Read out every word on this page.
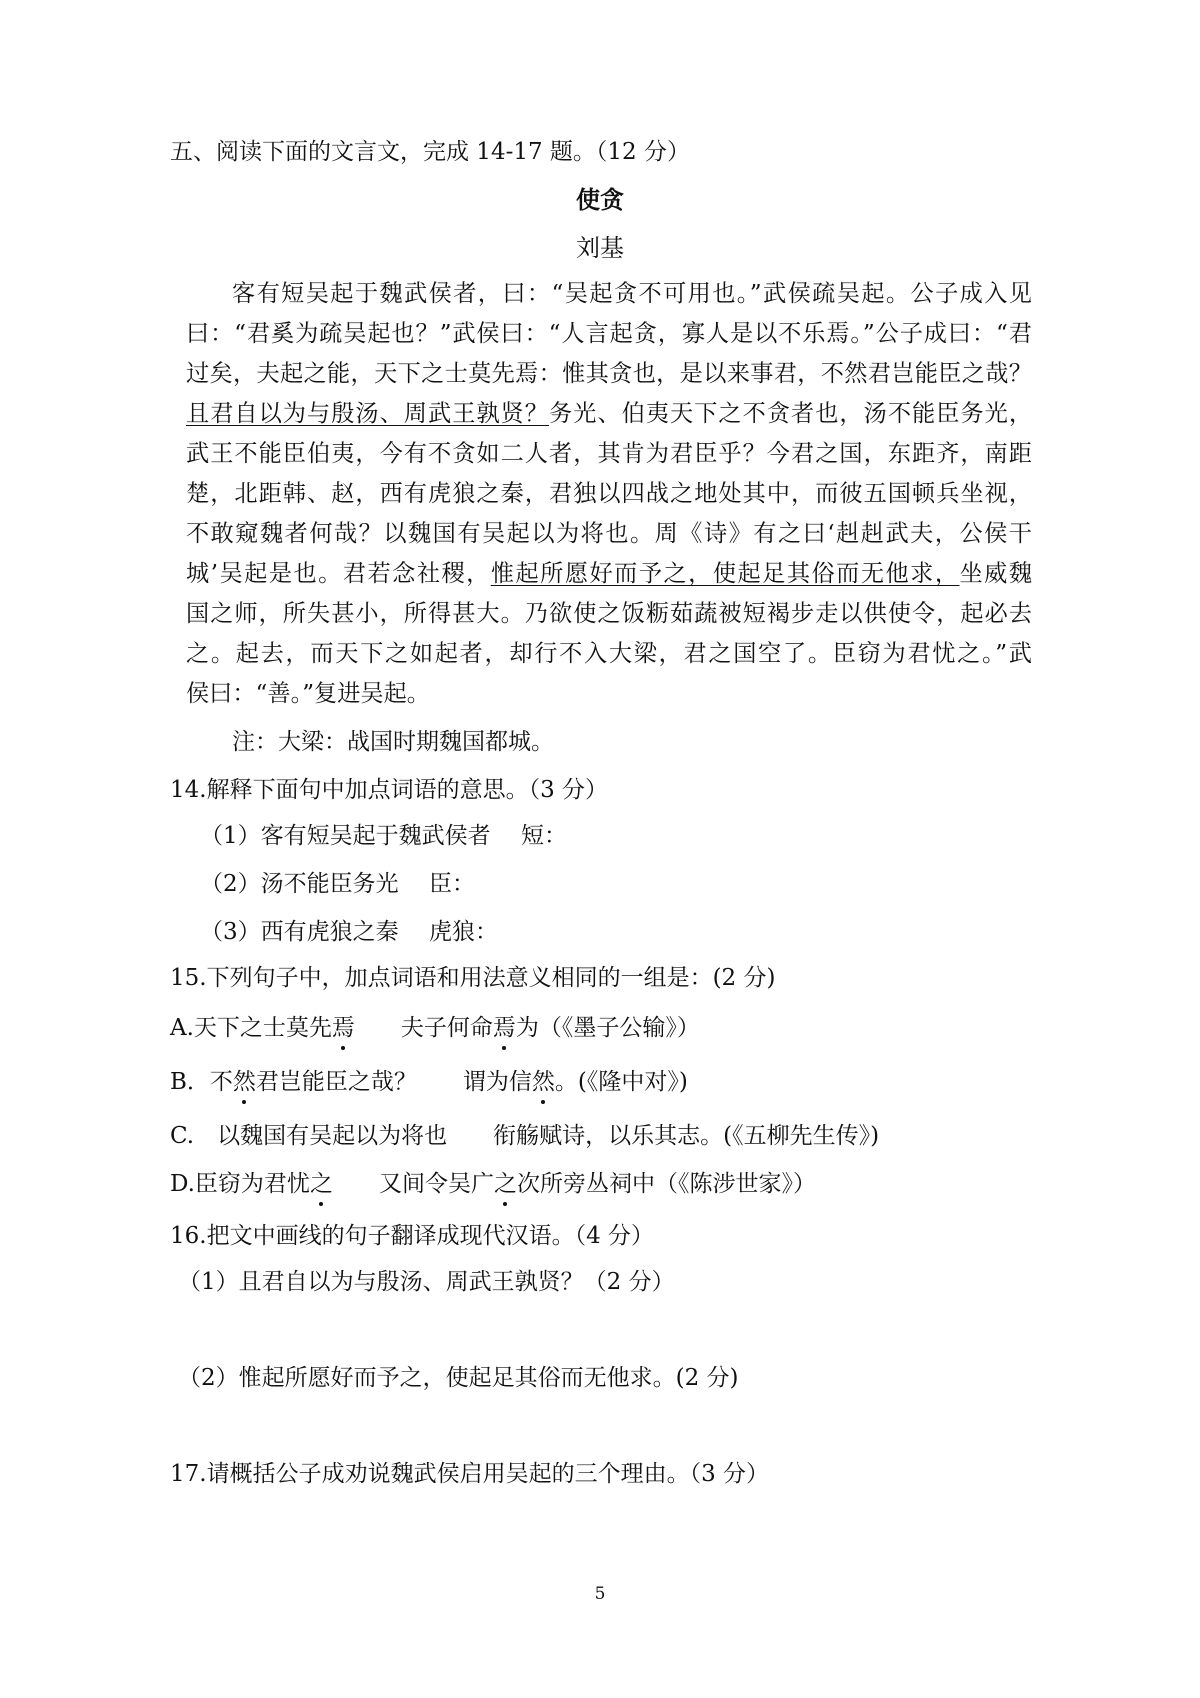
五、阅读下面的文言文，完成 14-17 题。（12 分）
使贪
刘基
客有短吴起于魏武侯者，曰：“吴起贪不可用也。”武侯疏吴起。公子成入见
曰：“君奚为疏吴起也？”武侯曰：“人言起贪，寡人是以不乐焉。”公子成曰：“君
过矣，夫起之能，天下之士莫先焉：惟其贪也，是以来事君，不然君岂能臣之哉？
且君自以为与殷汤、周武王孰贤？务光、伯夷天下之不贪者也，汤不能臣务光，
武王不能臣伯夷，今有不贪如二人者，其肯为君臣乎？今君之国，东距齐，南距
楚，北距韩、赵，西有虎狼之秦，君独以四战之地处其中，而彼五国顿兵坐视，
不敢窥魏者何哉？以魏国有吴起以为将也。周《诗》有之曰‘赳赳武夫，公侯干
城’吴起是也。君若念社稷，惟起所愿好而予之，使起足其俗而无他求，坐威魏
国之师，所失甚小，所得甚大。乃欲使之饭粝茹蔬被短褐步走以供使令，起必去
之。起去，而天下之如起者，却行不入大梁，君之国空了。臣窃为君忧之。”武
侯曰：“善。”复进吴起。
注：大梁：战国时期魏国都城。
14.解释下面句中加点词语的意思。（3 分）
（1）客有短吴起于魏武侯者　 短：
（2）汤不能臣务光　 臣：
（3）西有虎狼之秦　 虎狼：
15.下列句子中，加点词语和用法意义相同的一组是：(2 分)
A.天下之士莫先焉　　夫子何命焉为（《墨子公输》）
B．不然君岂能臣之哉？　　谓为信然。(《隆中对》)
C.　以魏国有吴起以为将也　　衔觞赋诗，以乐其志。(《五柳先生传》)
D.臣窃为君忧之　　又间令吴广之次所旁丛祠中（《陈涉世家》）
16.把文中画线的句子翻译成现代汉语。（4 分）
（1）且君自以为与殷汤、周武王孰贤？（2 分）
（2）惟起所愿好而予之，使起足其俗而无他求。(2 分)
17.请概括公子成劝说魏武侯启用吴起的三个理由。（3 分）
5
